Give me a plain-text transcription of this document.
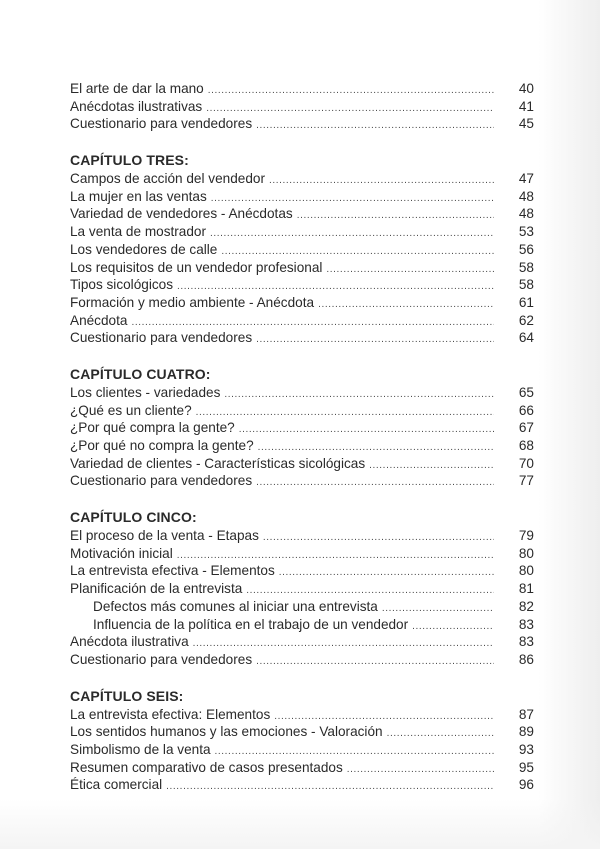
El arte de dar la mano .....	40
Anécdotas ilustrativas .....	41
Cuestionario para vendedores .....	45
CAPÍTULO TRES:
Campos de acción del vendedor .....	47
La mujer en las ventas .....	48
Variedad de vendedores - Anécdotas .....	48
La venta de mostrador .....	53
Los vendedores de calle .....	56
Los requisitos de un vendedor profesional .....	58
Tipos sicológicos .....	58
Formación y medio ambiente - Anécdota .....	61
Anécdota .....	62
Cuestionario para vendedores .....	64
CAPÍTULO CUATRO:
Los clientes - variedades .....	65
¿Qué es un cliente? .....	66
¿Por qué compra la gente? .....	67
¿Por qué no compra la gente? .....	68
Variedad de clientes - Características sicológicas .....	70
Cuestionario para vendedores .....	77
CAPÍTULO CINCO:
El proceso de la venta - Etapas .....	79
Motivación inicial .....	80
La entrevista efectiva - Elementos .....	80
Planificación de la entrevista .....	81
Defectos más comunes al iniciar una entrevista .....	82
Influencia de la política en el trabajo de un vendedor .....	83
Anécdota ilustrativa .....	83
Cuestionario para vendedores .....	86
CAPÍTULO SEIS:
La entrevista efectiva: Elementos .....	87
Los sentidos humanos y las emociones - Valoración .....	89
Simbolismo de la venta .....	93
Resumen comparativo de casos presentados .....	95
Ética comercial .....	96
